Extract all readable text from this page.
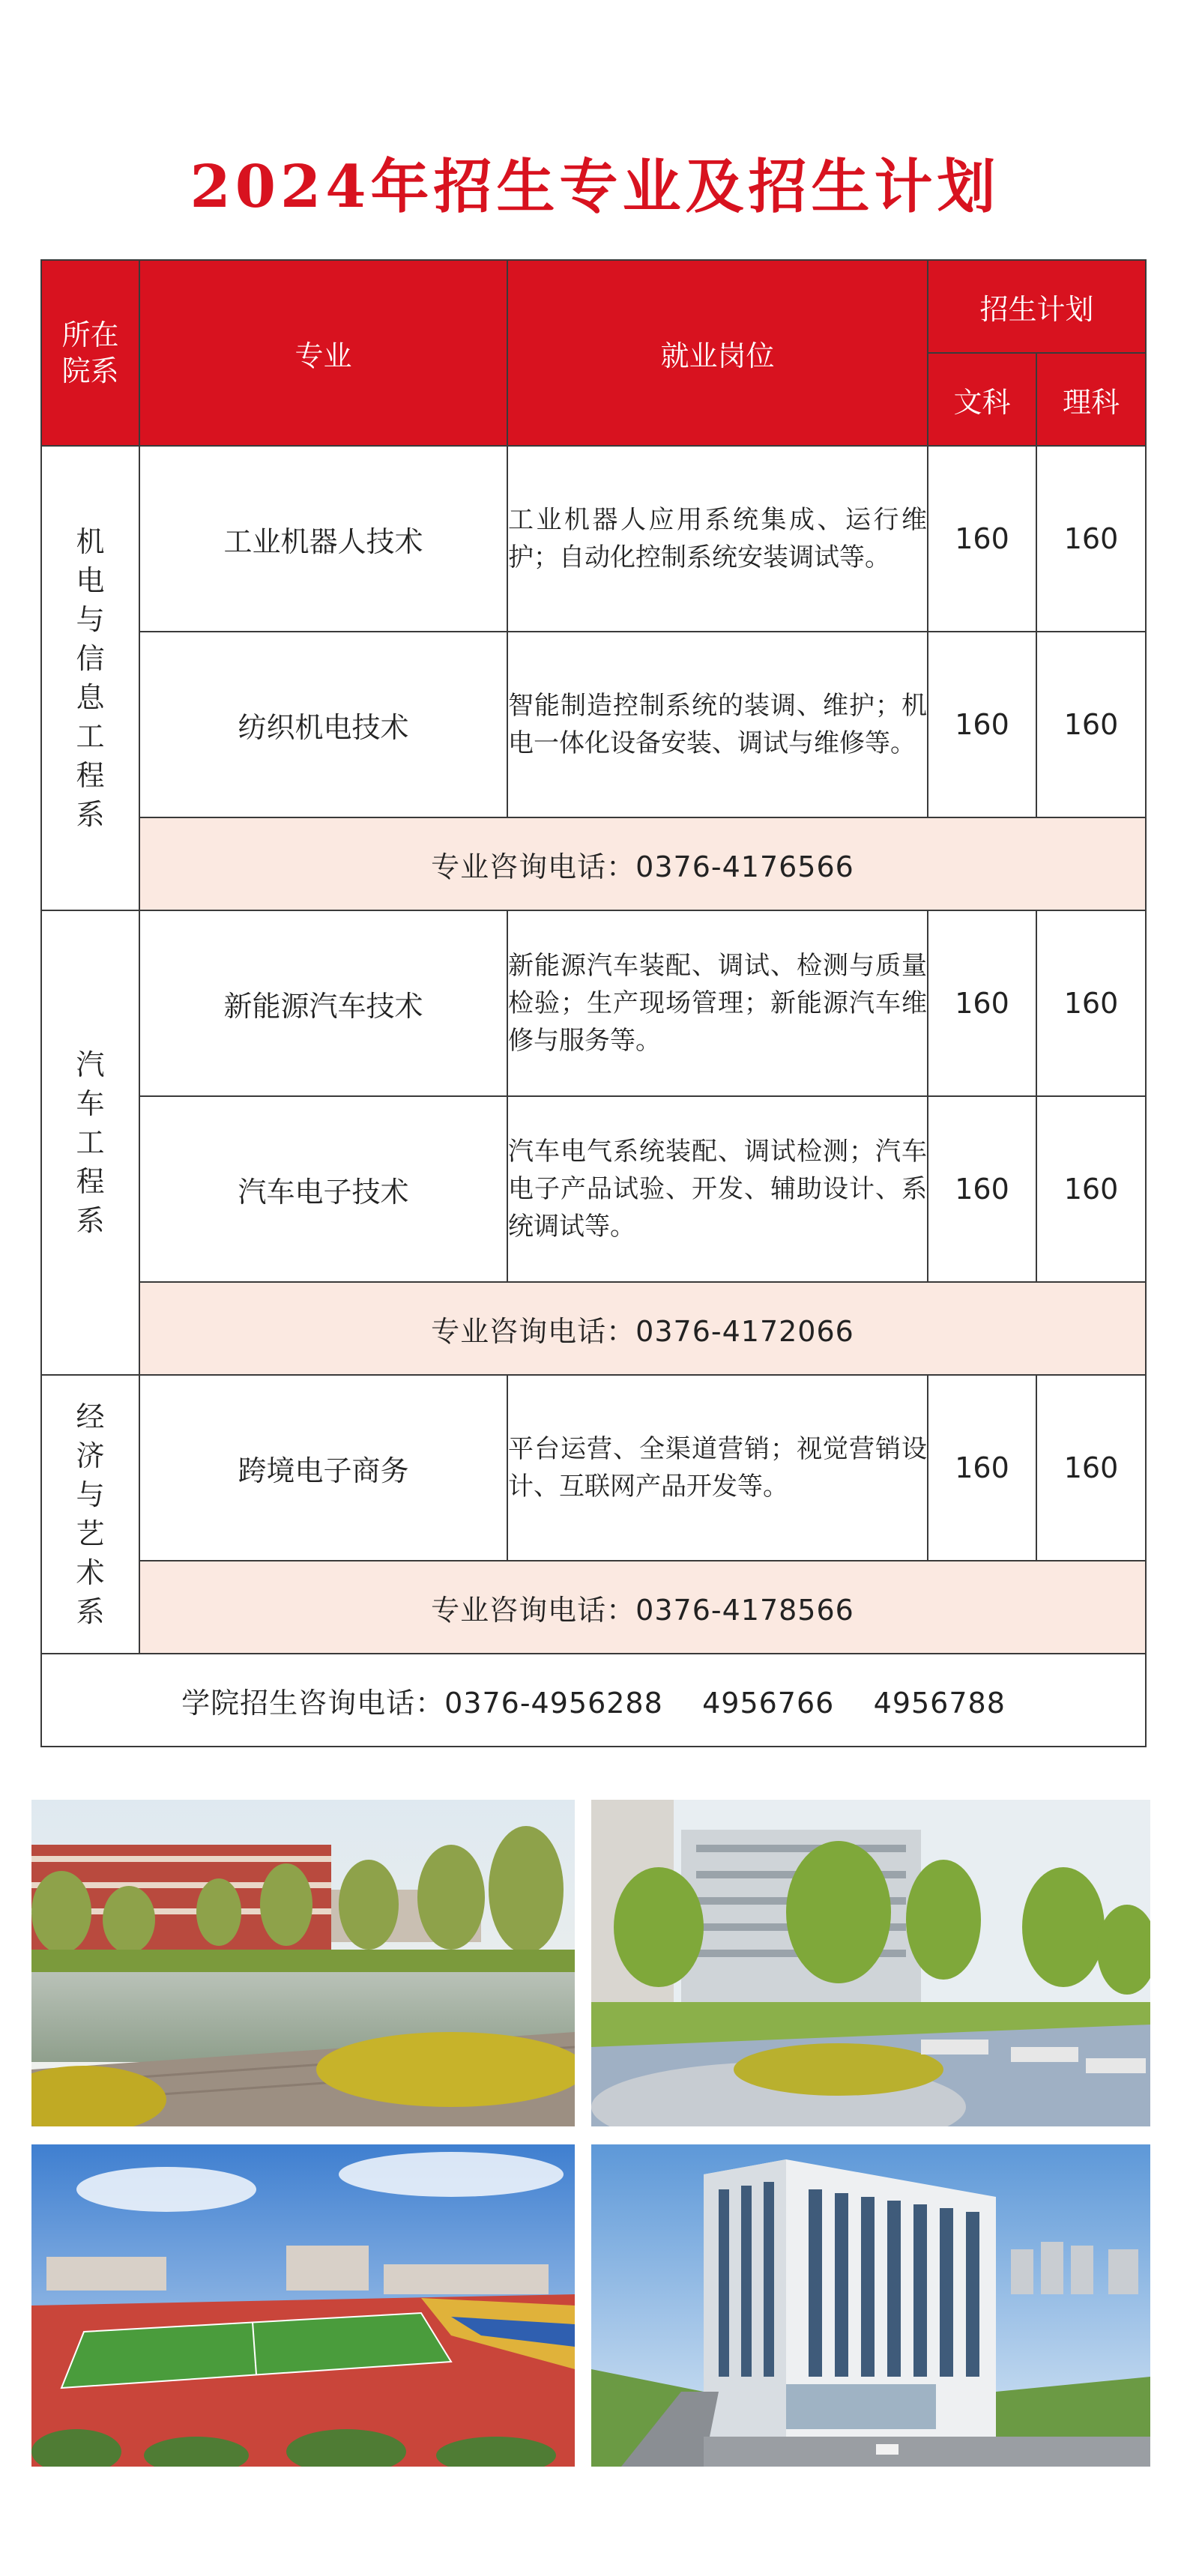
2024年招生专业及招生计划
所在院系	专业	就业岗位	招生计划	
			文科	理科
机电与信息工程系	工业机器人技术	工业机器人应用系统集成、运行维护；自动化控制系统安装调试等。	160	160
	纺织机电技术	智能制造控制系统的装调、维护；机电一体化设备安装、调试与维修等。	160	160
	专业咨询电话：0376-4176566			
汽车工程系	新能源汽车技术	新能源汽车装配、调试、检测与质量检验；生产现场管理；新能源汽车维修与服务等。	160	160
	汽车电子技术	汽车电气系统装配、调试检测；汽车电子产品试验、开发、辅助设计、系统调试等。	160	160
	专业咨询电话：0376-4172066			
经济与艺术系	跨境电子商务	平台运营、全渠道营销；视觉营销设计、互联网产品开发等。	160	160
	专业咨询电话：0376-4178566			
学院招生咨询电话：0376-4956288    4956766    4956788				
